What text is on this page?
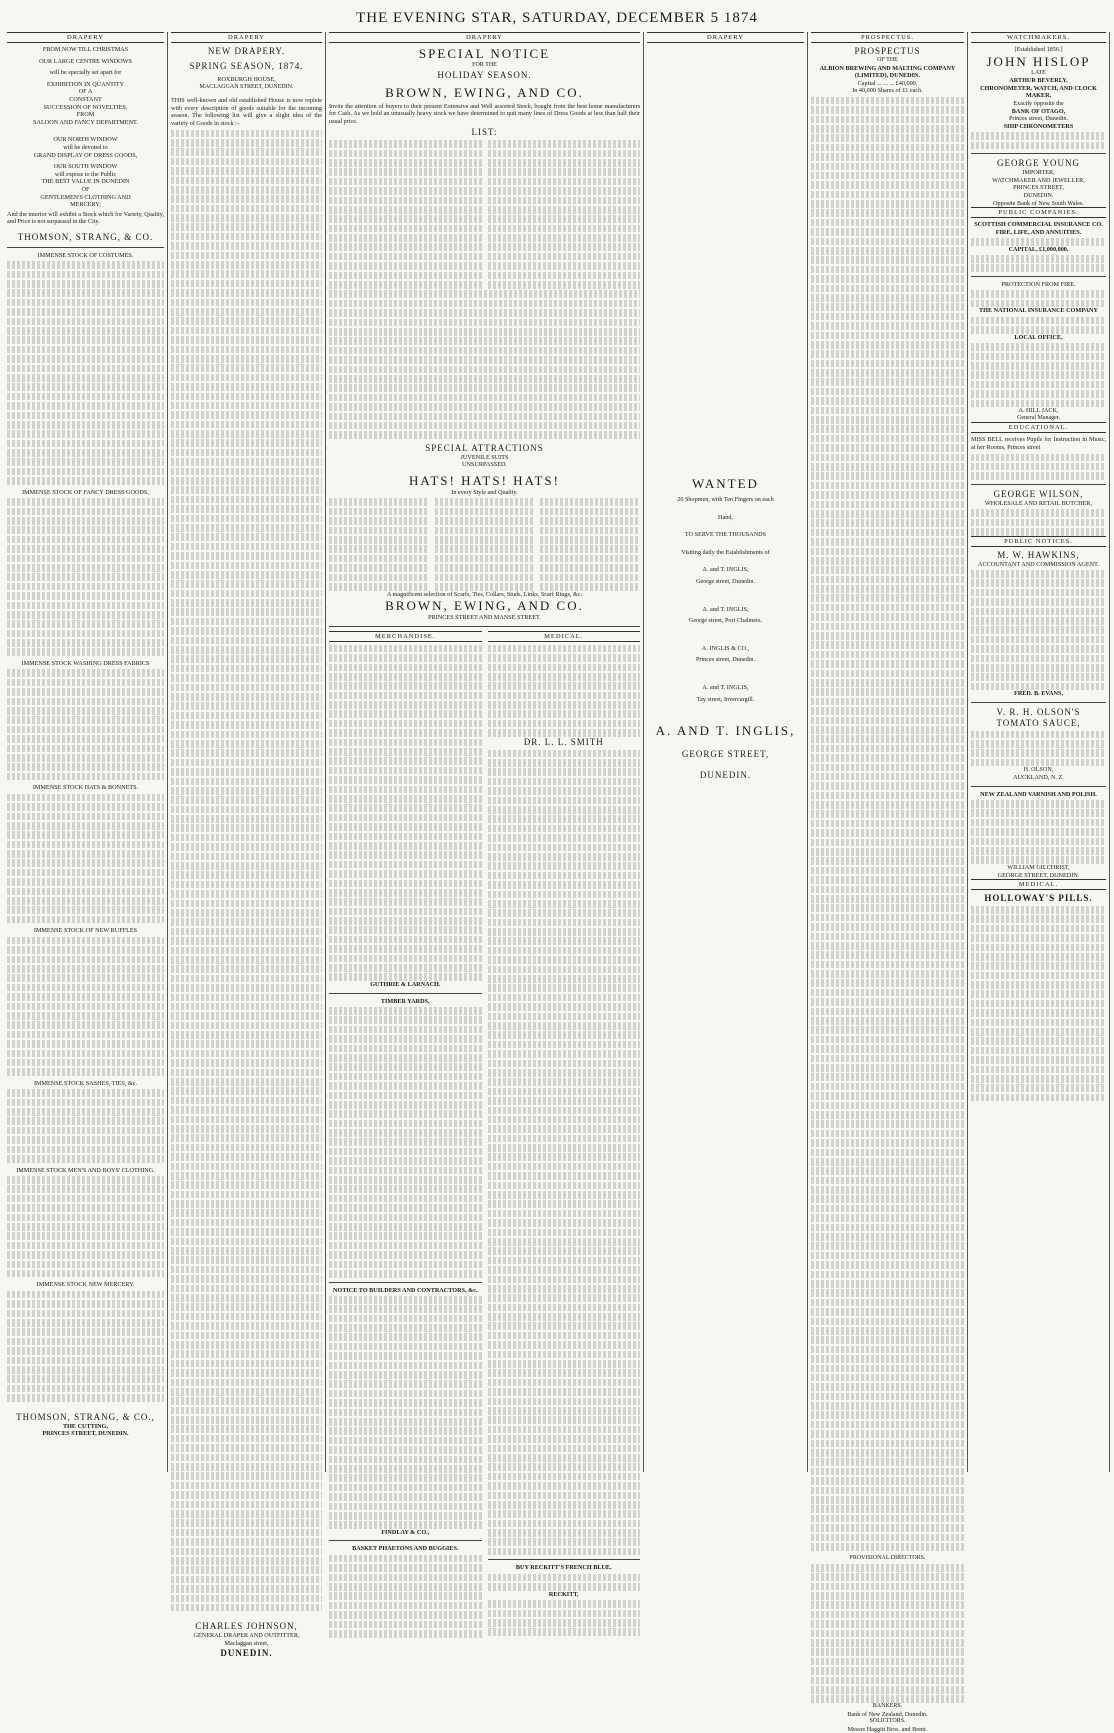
THE EVENING STAR, SATURDAY, DECEMBER 5 1874
DRAPERY
FROM NOW TILL CHRISTMAS
OUR LARGE CENTRE WINDOWS
will be specially set apart for
EXHIBITION IN QUANTITY
OF A
CONSTANT
SUCCESSION OF NOVELTIES,
FROM
SALOON AND FANCY DEPARTMENT.
OUR NORTH WINDOW
will be devoted to
GRAND DISPLAY OF DRESS GOODS,
OUR SOUTH WINDOW
will expose to the Public
THE BEST VALUE IN DUNEDIN
OF
GENTLEMEN'S CLOTHING AND
MERCERY;
And the interior will exhibit a Stock which for Variety, Quality, and Price is not surpassed in the City.
THOMSON, STRANG, & CO.
IMMENSE STOCK OF COSTUMES.
IMMENSE STOCK OF FANCY DRESS GOODS,
IMMENSE STOCK WASHING DRESS FABRICS
IMMENSE STOCK HATS & BONNETS.
IMMENSE STOCK OF NEW RUFFLES
IMMENSE STOCK SASHES, TIES, &c.
IMMENSE STOCK MEN'S AND BOYS' CLOTHING.
IMMENSE STOCK NEW MERCERY.
THOMSON, STRANG, & CO.,
THE CUTTING,
PRINCES STREET, DUNEDIN.
DRAPERY
NEW DRAPERY.
SPRING SEASON, 1874.
ROXBURGH HOUSE,
MACLAGGAN STREET, DUNEDIN.
THIS well-known and old established House is now replete with every description of goods suitable for the incoming season. The following list will give a slight idea of the variety of Goods in stock :-
CHARLES JOHNSON,
GENERAL DRAPER AND OUTFITTER,
Maclaggan street,
DUNEDIN.
DRAPERY
SPECIAL NOTICE
FOR THE
HOLIDAY SEASON.
BROWN, EWING, AND CO.
Invite the attention of buyers to their present Extensive and Well assorted Stock, bought from the best home manufacturers for Cash. As we hold an unusually heavy stock we have determined to quit many lines of Dress Goods at less than half their usual price.
LIST:
SPECIAL ATTRACTIONS
JUVENILE SUITS
UNSURPASSED.
HATS! HATS! HATS!
In every Style and Quality.
A magnificent selection of Scarfs, Ties, Collars, Studs, Links, Scarf Rings, &c.
BROWN, EWING, AND CO.
PRINCES STREET AND MANSE STREET.
MERCHANDISE.
GUTHRIE & LARNACH.
TIMBER YARDS,
NOTICE TO BUILDERS AND CONTRACTORS, &c.
FINDLAY & CO.,
BASKET PHAETONS AND BUGGIES.
MEDICAL.
DR. L. L. SMITH
BUY RECKITT'S FRENCH BLUE,
RECKITT,
DRAPERY
WANTED
20 Shopmen, with Ten Fingers on each
Hand,
TO SERVE THE THOUSANDS
Visiting daily the Establishments of
A. and T. INGLIS,
George street, Dunedin.
A. and T. INGLIS,
George street, Port Chalmers.
A. INGLIS & CO.,
Princes street, Dunedin.
A. and T. INGLIS,
Tay street, Invercargill.
A. AND T. INGLIS,
GEORGE STREET,
DUNEDIN.
PROSPECTUS.
PROSPECTUS
OF THE
ALBION BREWING AND MALTING COMPANY (LIMITED), DUNEDIN.
Capital ... ... ... £40,000,
In 40,000 Shares of £1 each.
PROVISIONAL DIRECTORS.
BANKERS.
Bank of New Zealand, Dunedin.
SOLICITORS.
Messrs Haggitt Bros. and Brent.
WATCHMAKERS.
[Established 1856.]
JOHN HISLOP
LATE
ARTHUR BEVERLY,
CHRONOMETER, WATCH, AND CLOCK MAKER,
Exactly opposite the
BANK OF OTAGO,
Princes street, Dunedin.
SHIP CHRONOMETERS
GEORGE YOUNG
IMPORTER,
WATCHMAKER AND JEWELLER,
PRINCES STREET,
DUNEDIN.
Opposite Bank of New South Wales.
PUBLIC COMPANIES.
SCOTTISH COMMERCIAL INSURANCE CO.
FIRE, LIFE, AND ANNUITIES.
CAPITAL, £1,000,000.
PROTECTION FROM FIRE.
THE NATIONAL INSURANCE COMPANY
LOCAL OFFICE,
A. HILL JACK,
General Manager.
EDUCATIONAL.
MISS BELL receives Pupils for Instruction in Music, at her Rooms, Princes street
GEORGE WILSON,
WHOLESALE AND RETAIL BUTCHER,
PUBLIC NOTICES.
M. W. HAWKINS,
ACCOUNTANT AND COMMISSION AGENT.
FRED. B. EVANS,
V. R. H. OLSON'S
TOMATO SAUCE,
H. OLSON,
AUCKLAND, N. Z.
NEW ZEALAND VARNISH AND POLISH.
WILLIAM GILCHRIST,
GEORGE STREET, DUNEDIN.
MEDICAL.
HOLLOWAY'S PILLS.
